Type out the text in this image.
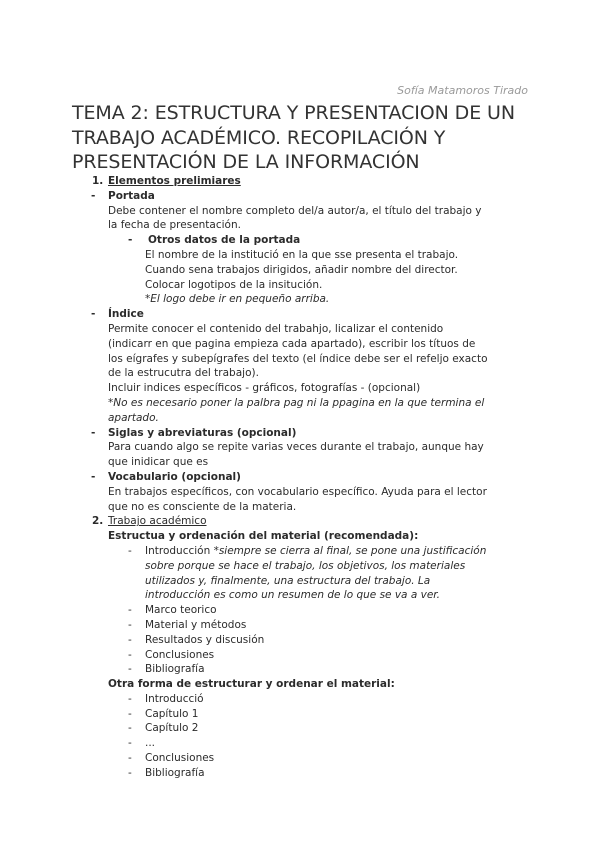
Sofía Matamoros Tirado
TEMA 2: ESTRUCTURA Y PRESENTACION DE UN
TRABAJO ACADÉMICO. RECOPILACIÓN Y
PRESENTACIÓN DE LA INFORMACIÓN
1. Elementos prelimiares
- Portada
Debe contener el nombre completo del/a autor/a, el título del trabajo y
la fecha de presentación.
- Otros datos de la portada
El nombre de la institució en la que sse presenta el trabajo.
Cuando sena trabajos dirigidos, añadir nombre del director.
Colocar logotipos de la insitución.
*El logo debe ir en pequeño arriba.
- Índice
Permite conocer el contenido del trabahjo, licalizar el contenido
(indicarr en que pagina empieza cada apartado), escribir los títuos de
los eígrafes y subepígrafes del texto (el índice debe ser el refeljo exacto
de la estrucutra del trabajo).
Incluir indices específicos - gráficos, fotografías - (opcional)
*No es necesario poner la palbra pag ni la ppagina en la que termina el
apartado.
- Siglas y abreviaturas (opcional)
Para cuando algo se repite varias veces durante el trabajo, aunque hay
que inidicar que es
- Vocabulario (opcional)
En trabajos específicos, con vocabulario específico. Ayuda para el lector
que no es consciente de la materia.
2. Trabajo académico
Estructua y ordenación del material (recomendada):
- Introducción *siempre se cierra al final, se pone una justificación
sobre porque se hace el trabajo, los objetivos, los materiales
utilizados y, finalmente, una estructura del trabajo. La
introducción es como un resumen de lo que se va a ver.
- Marco teorico
- Material y métodos
- Resultados y discusión
- Conclusiones
- Bibliografía
Otra forma de estructurar y ordenar el material:
- Introducció
- Capítulo 1
- Capítulo 2
- ...
- Conclusiones
- Bibliografía
